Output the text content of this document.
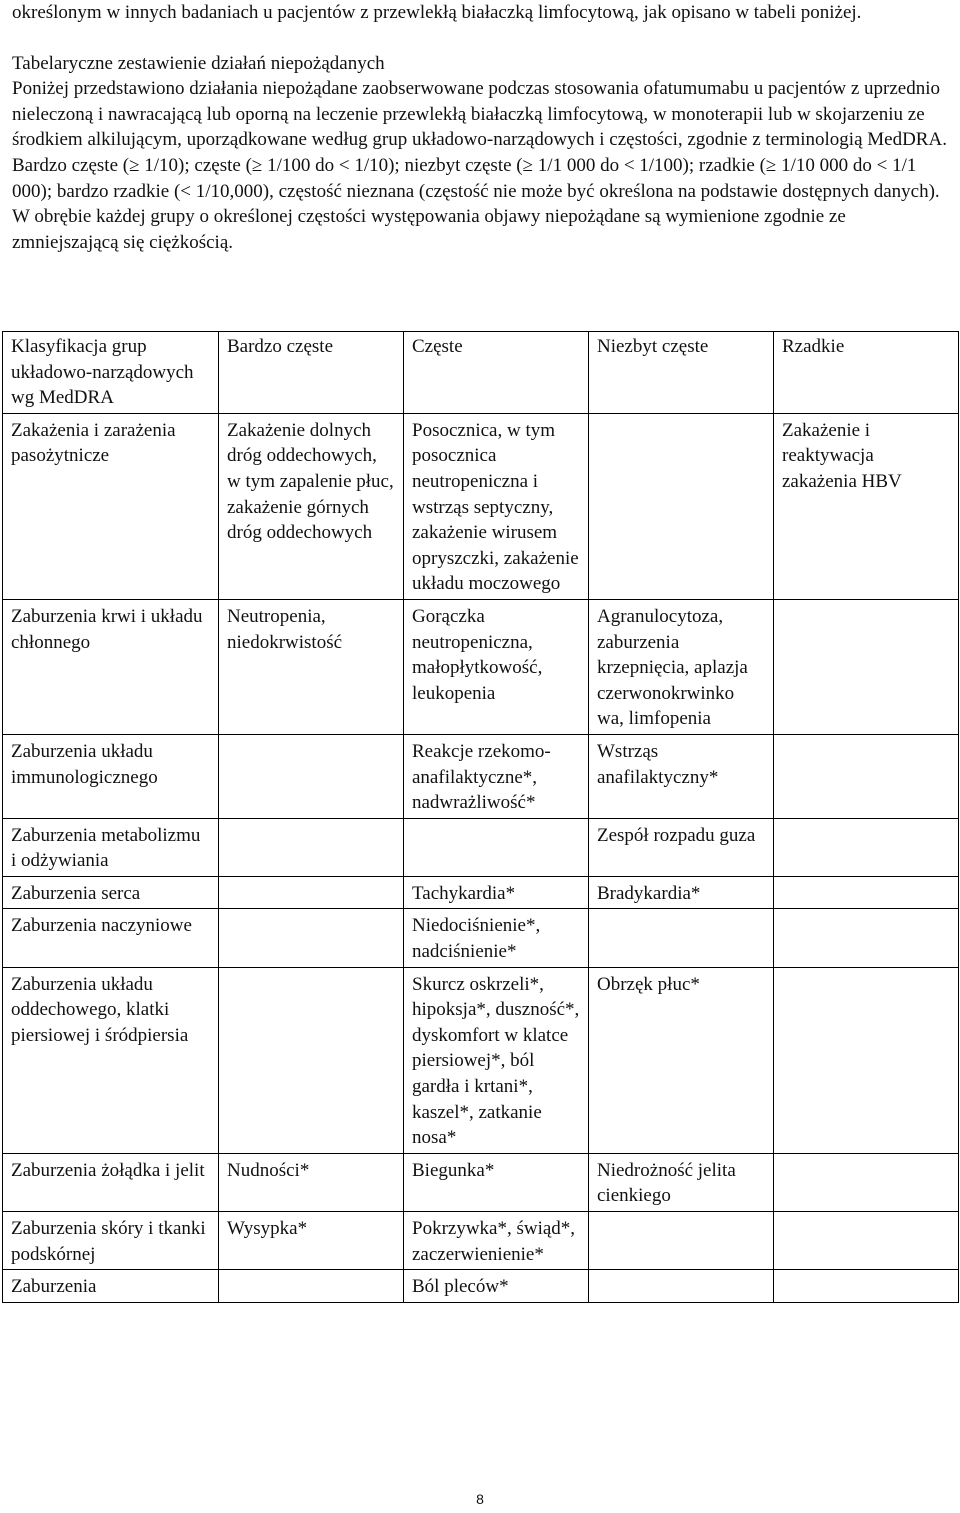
określonym w innych badaniach u pacjentów z przewlekłą białaczką limfocytową, jak opisano w tabeli poniżej.

Tabelaryczne zestawienie działań niepożądanych

Poniżej przedstawiono działania niepożądane zaobserwowane podczas stosowania ofatumumabu u pacjentów z uprzednio nieleczoną i nawracającą lub oporną na leczenie przewlekłą białaczką limfocytową, w monoterapii lub w skojarzeniu ze środkiem alkilującym, uporządkowane według grup układowo-narządowych i częstości, zgodnie z terminologią MedDRA. Bardzo częste (≥ 1/10); częste (≥ 1/100 do < 1/10); niezbyt częste (≥ 1/1 000 do < 1/100); rzadkie (≥ 1/10 000 do < 1/1 000); bardzo rzadkie (< 1/10,000), częstość nieznana (częstość nie może być określona na podstawie dostępnych danych). W obrębie każdej grupy o określonej częstości występowania objawy niepożądane są wymienione zgodnie ze zmniejszającą się ciężkością.

Klasyfikacja grup układowo-narządowych wg MedDRA	Bardzo częste	Częste	Niezbyt częste	Rzadkie
Zakażenia i zarażenia pasożytnicze	Zakażenie dolnych dróg oddechowych, w tym zapalenie płuc, zakażenie górnych dróg oddechowych	Posocznica, w tym posocznica neutropeniczna i wstrząs septyczny, zakażenie wirusem opryszczki, zakażenie układu moczowego		Zakażenie i reaktywacja zakażenia HBV
Zaburzenia krwi i układu chłonnego	Neutropenia, niedokrwistość	Gorączka neutropeniczna, małopłytkowość, leukopenia	Agranulocytoza, zaburzenia krzepnięcia, aplazja czerwonokrwinko wa, limfopenia	
Zaburzenia układu immunologicznego		Reakcje rzekomo-anafilaktyczne*, nadwrażliwość*	Wstrząs anafilaktyczny*	
Zaburzenia metabolizmu i odżywiania			Zespół rozpadu guza	
Zaburzenia serca		Tachykardia*	Bradykardia*	
Zaburzenia naczyniowe		Niedociśnienie*, nadciśnienie*		
Zaburzenia układu oddechowego, klatki piersiowej i śródpiersia		Skurcz oskrzeli*, hipoksja*, duszność*, dyskomfort w klatce piersiowej*, ból gardła i krtani*, kaszel*, zatkanie nosa*	Obrzęk płuc*	
Zaburzenia żołądka i jelit	Nudności*	Biegunka*	Niedrożność jelita cienkiego	
Zaburzenia skóry i tkanki podskórnej	Wysypka*	Pokrzywka*, świąd*, zaczerwienienie*		
Zaburzenia		Ból pleców*		
8
